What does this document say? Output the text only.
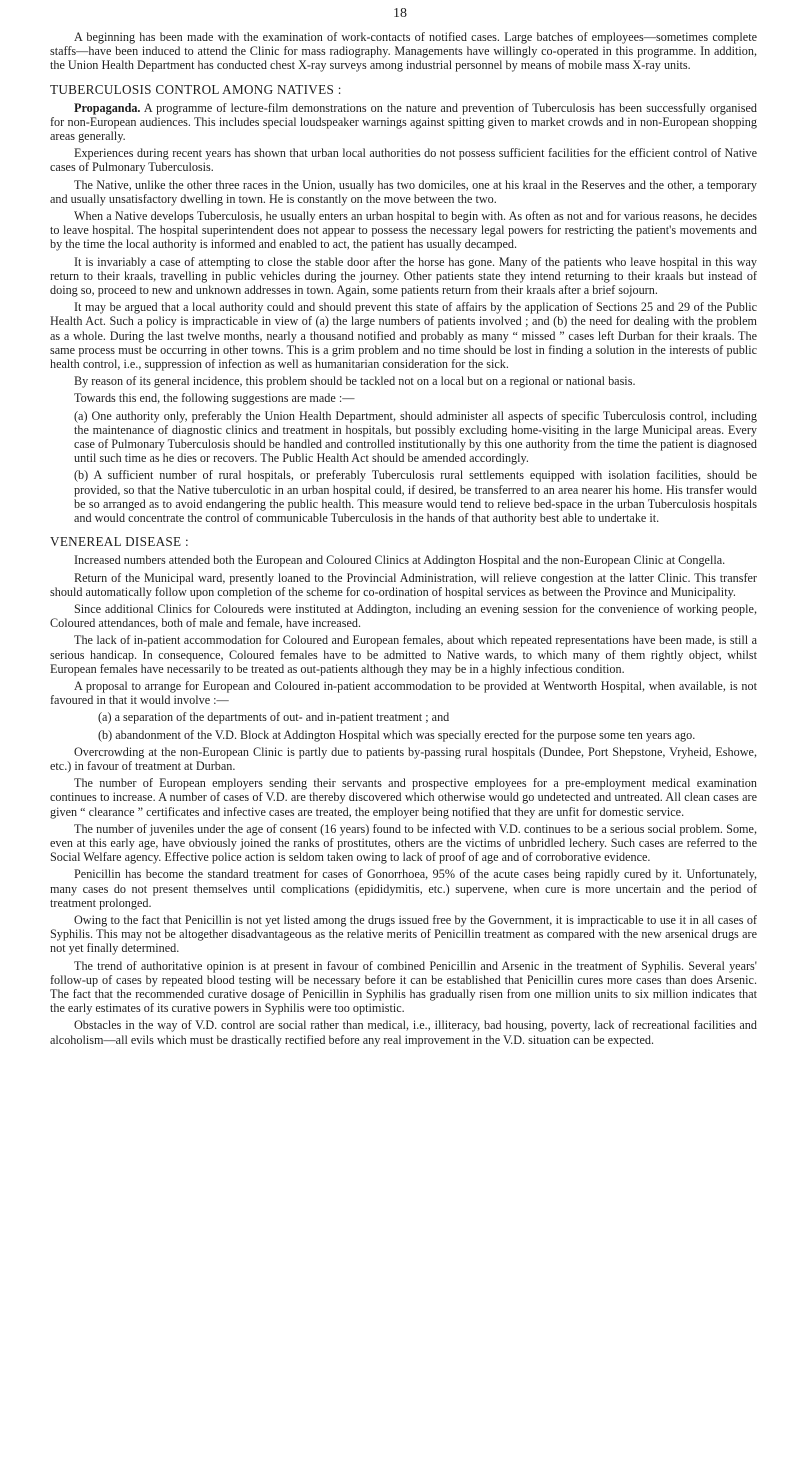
18

A beginning has been made with the examination of work-contacts of notified cases. Large batches of employees—sometimes complete staffs—have been induced to attend the Clinic for mass radiography. Managements have willingly co-operated in this programme. In addition, the Union Health Department has conducted chest X-ray surveys among industrial personnel by means of mobile mass X-ray units.

TUBERCULOSIS CONTROL AMONG NATIVES :

Propaganda. A programme of lecture-film demonstrations on the nature and prevention of Tuberculosis has been successfully organised for non-European audiences. This includes special loudspeaker warnings against spitting given to market crowds and in non-European shopping areas generally.

Experiences during recent years has shown that urban local authorities do not possess sufficient facilities for the efficient control of Native cases of Pulmonary Tuberculosis.

The Native, unlike the other three races in the Union, usually has two domiciles, one at his kraal in the Reserves and the other, a temporary and usually unsatisfactory dwelling in town. He is constantly on the move between the two.

When a Native develops Tuberculosis, he usually enters an urban hospital to begin with. As often as not and for various reasons, he decides to leave hospital. The hospital superintendent does not appear to possess the necessary legal powers for restricting the patient's movements and by the time the local authority is informed and enabled to act, the patient has usually decamped.

It is invariably a case of attempting to close the stable door after the horse has gone. Many of the patients who leave hospital in this way return to their kraals, travelling in public vehicles during the journey. Other patients state they intend returning to their kraals but instead of doing so, proceed to new and unknown addresses in town. Again, some patients return from their kraals after a brief sojourn.

It may be argued that a local authority could and should prevent this state of affairs by the application of Sections 25 and 29 of the Public Health Act. Such a policy is impracticable in view of (a) the large numbers of patients involved ; and (b) the need for dealing with the problem as a whole. During the last twelve months, nearly a thousand notified and probably as many “ missed ” cases left Durban for their kraals. The same process must be occurring in other towns. This is a grim problem and no time should be lost in finding a solution in the interests of public health control, i.e., suppression of infection as well as humanitarian consideration for the sick.

By reason of its general incidence, this problem should be tackled not on a local but on a regional or national basis.

Towards this end, the following suggestions are made :—

(a) One authority only, preferably the Union Health Department, should administer all aspects of specific Tuberculosis control, including the maintenance of diagnostic clinics and treatment in hospitals, but possibly excluding home-visiting in the large Municipal areas. Every case of Pulmonary Tuberculosis should be handled and controlled institutionally by this one authority from the time the patient is diagnosed until such time as he dies or recovers. The Public Health Act should be amended accordingly.

(b) A sufficient number of rural hospitals, or preferably Tuberculosis rural settlements equipped with isolation facilities, should be provided, so that the Native tuberculotic in an urban hospital could, if desired, be transferred to an area nearer his home. His transfer would be so arranged as to avoid endangering the public health. This measure would tend to relieve bed-space in the urban Tuberculosis hospitals and would concentrate the control of communicable Tuberculosis in the hands of that authority best able to undertake it.

VENEREAL DISEASE :

Increased numbers attended both the European and Coloured Clinics at Addington Hospital and the non-European Clinic at Congella.

Return of the Municipal ward, presently loaned to the Provincial Administration, will relieve congestion at the latter Clinic. This transfer should automatically follow upon completion of the scheme for co-ordination of hospital services as between the Province and Municipality.

Since additional Clinics for Coloureds were instituted at Addington, including an evening session for the convenience of working people, Coloured attendances, both of male and female, have increased.

The lack of in-patient accommodation for Coloured and European females, about which repeated representations have been made, is still a serious handicap. In consequence, Coloured females have to be admitted to Native wards, to which many of them rightly object, whilst European females have necessarily to be treated as out-patients although they may be in a highly infectious condition.

A proposal to arrange for European and Coloured in-patient accommodation to be provided at Wentworth Hospital, when available, is not favoured in that it would involve :—

(a) a separation of the departments of out- and in-patient treatment ; and

(b) abandonment of the V.D. Block at Addington Hospital which was specially erected for the purpose some ten years ago.

Overcrowding at the non-European Clinic is partly due to patients by-passing rural hospitals (Dundee, Port Shepstone, Vryheid, Eshowe, etc.) in favour of treatment at Durban.

The number of European employers sending their servants and prospective employees for a pre-employment medical examination continues to increase. A number of cases of V.D. are thereby discovered which otherwise would go undetected and untreated. All clean cases are given “ clearance ” certificates and infective cases are treated, the employer being notified that they are unfit for domestic service.

The number of juveniles under the age of consent (16 years) found to be infected with V.D. continues to be a serious social problem. Some, even at this early age, have obviously joined the ranks of prostitutes, others are the victims of unbridled lechery. Such cases are referred to the Social Welfare agency. Effective police action is seldom taken owing to lack of proof of age and of corroborative evidence.

Penicillin has become the standard treatment for cases of Gonorrhoea, 95% of the acute cases being rapidly cured by it. Unfortunately, many cases do not present themselves until complications (epididymitis, etc.) supervene, when cure is more uncertain and the period of treatment prolonged.

Owing to the fact that Penicillin is not yet listed among the drugs issued free by the Government, it is impracticable to use it in all cases of Syphilis. This may not be altogether disadvantageous as the relative merits of Penicillin treatment as compared with the new arsenical drugs are not yet finally determined.

The trend of authoritative opinion is at present in favour of combined Penicillin and Arsenic in the treatment of Syphilis. Several years' follow-up of cases by repeated blood testing will be necessary before it can be established that Penicillin cures more cases than does Arsenic. The fact that the recommended curative dosage of Penicillin in Syphilis has gradually risen from one million units to six million indicates that the early estimates of its curative powers in Syphilis were too optimistic.

Obstacles in the way of V.D. control are social rather than medical, i.e., illiteracy, bad housing, poverty, lack of recreational facilities and alcoholism—all evils which must be drastically rectified before any real improvement in the V.D. situation can be expected.
